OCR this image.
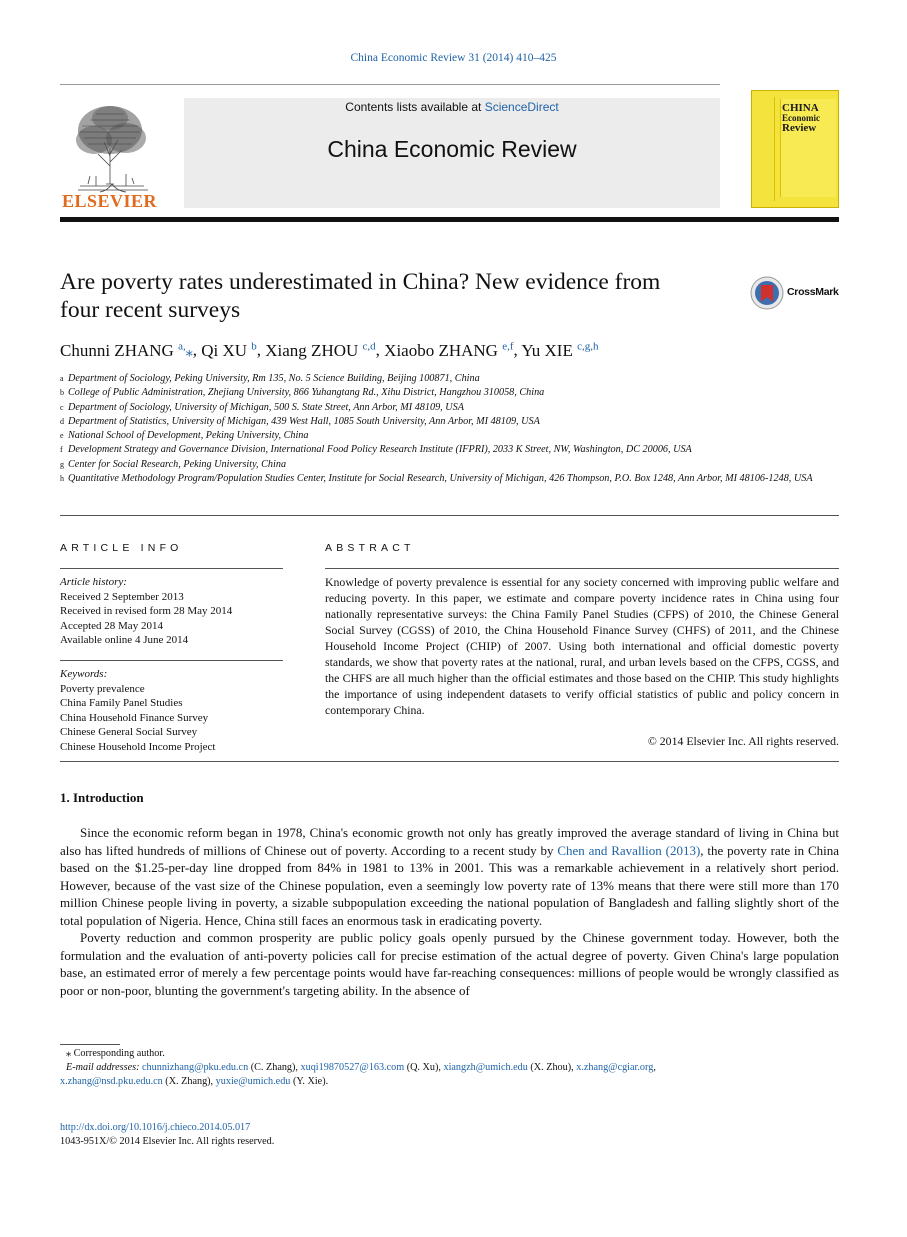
China Economic Review 31 (2014) 410–425
ELSEVIER
Contents lists available at ScienceDirect
China Economic Review
CHINA
Economic
Review
Are poverty rates underestimated in China? New evidence from four recent surveys
CrossMark
Chunni ZHANG $^{a,}$⁎, Qi XU $^b$, Xiang ZHOU $^{c,d}$, Xiaobo ZHANG $^{e,f}$, Yu XIE $^{c,g,h}$
a Department of Sociology, Peking University, Rm 135, No. 5 Science Building, Beijing 100871, China
b College of Public Administration, Zhejiang University, 866 Yuhangtang Rd., Xihu District, Hangzhou 310058, China
c Department of Sociology, University of Michigan, 500 S. State Street, Ann Arbor, MI 48109, USA
d Department of Statistics, University of Michigan, 439 West Hall, 1085 South University, Ann Arbor, MI 48109, USA
e National School of Development, Peking University, China
f Development Strategy and Governance Division, International Food Policy Research Institute (IFPRI), 2033 K Street, NW, Washington, DC 20006, USA
g Center for Social Research, Peking University, China
h Quantitative Methodology Program/Population Studies Center, Institute for Social Research, University of Michigan, 426 Thompson, P.O. Box 1248, Ann Arbor, MI 48106-1248, USA
ARTICLE INFO
Article history:
Received 2 September 2013
Received in revised form 28 May 2014
Accepted 28 May 2014
Available online 4 June 2014
Keywords:
Poverty prevalence
China Family Panel Studies
China Household Finance Survey
Chinese General Social Survey
Chinese Household Income Project
ABSTRACT
Knowledge of poverty prevalence is essential for any society concerned with improving public welfare and reducing poverty. In this paper, we estimate and compare poverty incidence rates in China using four nationally representative surveys: the China Family Panel Studies (CFPS) of 2010, the Chinese General Social Survey (CGSS) of 2010, the China Household Finance Survey (CHFS) of 2011, and the Chinese Household Income Project (CHIP) of 2007. Using both international and official domestic poverty standards, we show that poverty rates at the national, rural, and urban levels based on the CFPS, CGSS, and the CHFS are all much higher than the official estimates and those based on the CHIP. This study highlights the importance of using independent datasets to verify official statistics of public and policy concern in contemporary China.
© 2014 Elsevier Inc. All rights reserved.
1. Introduction

Since the economic reform began in 1978, China's economic growth not only has greatly improved the average standard of living in China but also has lifted hundreds of millions of Chinese out of poverty. According to a recent study by Chen and Ravallion (2013), the poverty rate in China based on the $1.25-per-day line dropped from 84% in 1981 to 13% in 2001. This was a remarkable achievement in a relatively short period. However, because of the vast size of the Chinese population, even a seemingly low poverty rate of 13% means that there were still more than 170 million Chinese people living in poverty, a sizable subpopulation exceeding the national population of Bangladesh and falling slightly short of the total population of Nigeria. Hence, China still faces an enormous task in eradicating poverty.

Poverty reduction and common prosperity are public policy goals openly pursued by the Chinese government today. However, both the formulation and the evaluation of anti-poverty policies call for precise estimation of the actual degree of poverty. Given China's large population base, an estimated error of merely a few percentage points would have far-reaching consequences: millions of people would be wrongly classified as poor or non-poor, blunting the government's targeting ability. In the absence of

⁎ Corresponding author.
E-mail addresses: chunnizhang@pku.edu.cn (C. Zhang), xuqi19870527@163.com (Q. Xu), xiangzh@umich.edu (X. Zhou), x.zhang@cgiar.org,
x.zhang@nsd.pku.edu.cn (X. Zhang), yuxie@umich.edu (Y. Xie).
http://dx.doi.org/10.1016/j.chieco.2014.05.017
1043-951X/© 2014 Elsevier Inc. All rights reserved.
